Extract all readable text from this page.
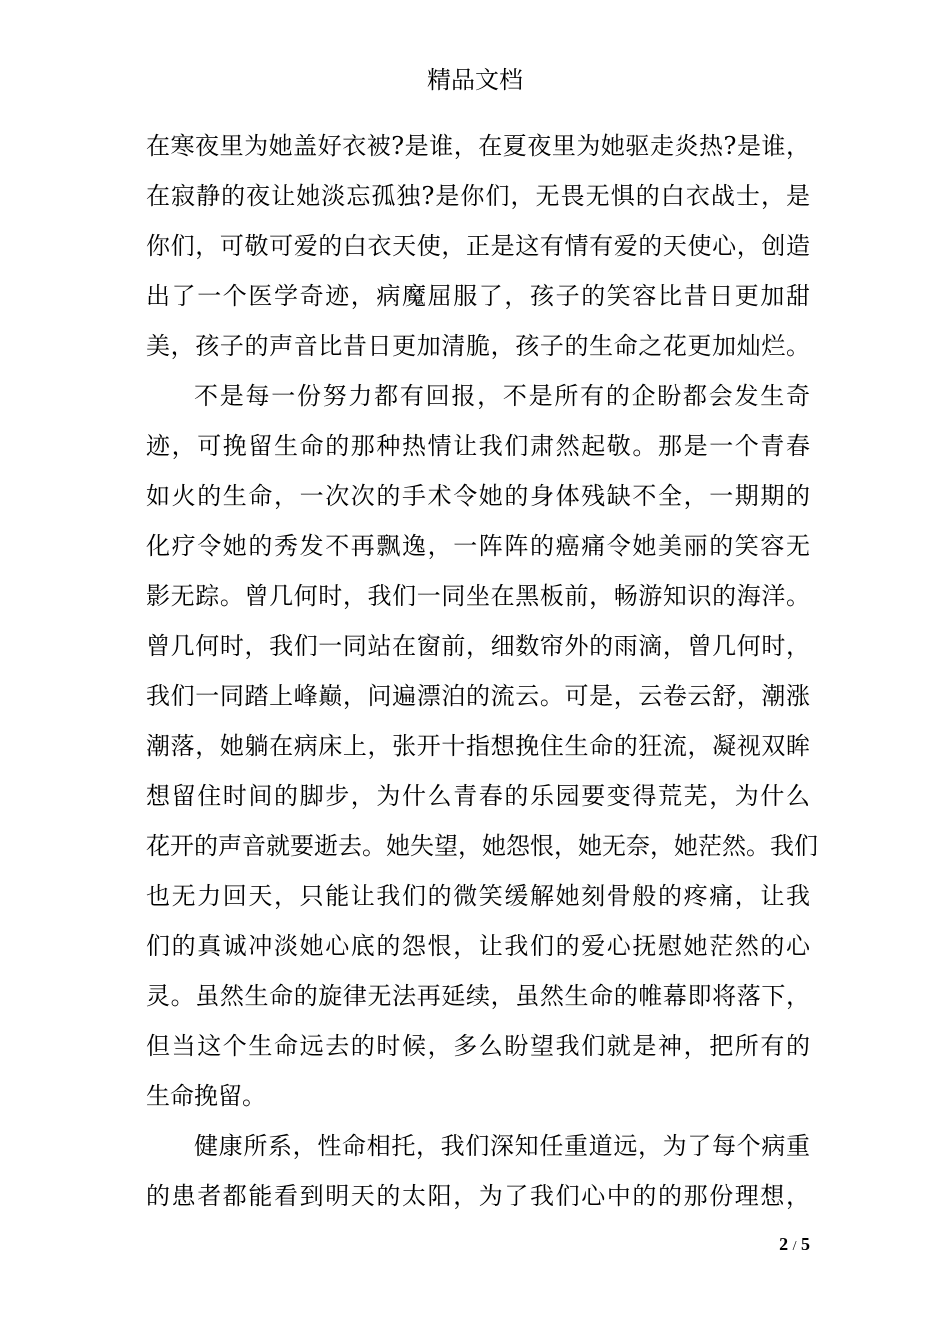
精品文档
在寒夜里为她盖好衣被?是谁，在夏夜里为她驱走炎热?是谁，
在寂静的夜让她淡忘孤独?是你们，无畏无惧的白衣战士，是
你们，可敬可爱的白衣天使，正是这有情有爱的天使心，创造
出了一个医学奇迹，病魔屈服了，孩子的笑容比昔日更加甜
美，孩子的声音比昔日更加清脆，孩子的生命之花更加灿烂。
不是每一份努力都有回报，不是所有的企盼都会发生奇
迹，可挽留生命的那种热情让我们肃然起敬。那是一个青春
如火的生命，一次次的手术令她的身体残缺不全，一期期的
化疗令她的秀发不再飘逸，一阵阵的癌痛令她美丽的笑容无
影无踪。曾几何时，我们一同坐在黑板前，畅游知识的海洋。
曾几何时，我们一同站在窗前，细数帘外的雨滴，曾几何时，
我们一同踏上峰巅，问遍漂泊的流云。可是，云卷云舒，潮涨
潮落，她躺在病床上，张开十指想挽住生命的狂流，凝视双眸
想留住时间的脚步，为什么青春的乐园要变得荒芜，为什么
花开的声音就要逝去。她失望，她怨恨，她无奈，她茫然。我们
也无力回天，只能让我们的微笑缓解她刻骨般的疼痛，让我
们的真诚冲淡她心底的怨恨，让我们的爱心抚慰她茫然的心
灵。虽然生命的旋律无法再延续，虽然生命的帷幕即将落下，
但当这个生命远去的时候，多么盼望我们就是神，把所有的
生命挽留。
健康所系，性命相托，我们深知任重道远，为了每个病重
的患者都能看到明天的太阳，为了我们心中的的那份理想，
2 / 5
